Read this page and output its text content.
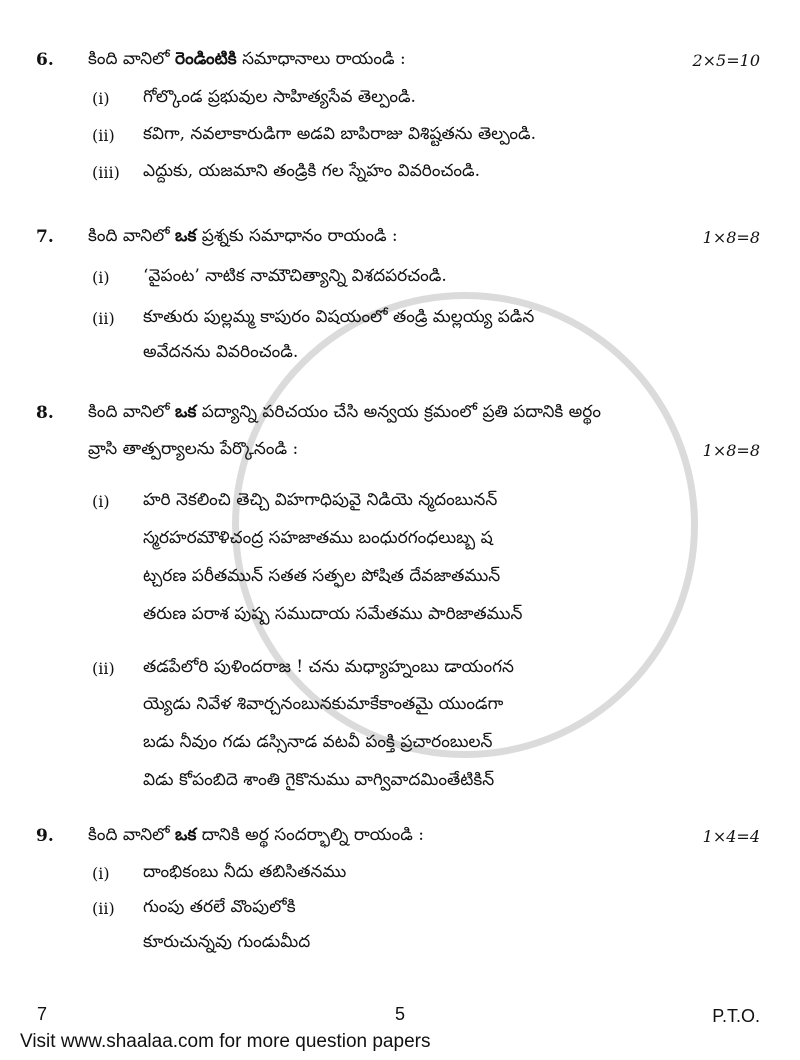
6. కింది వానిలో రెండింటికి సమాధానాలు రాయండి :	2×5=10
(i) గోల్కొండ ప్రభువుల సాహిత్యసేవ తెల్పండి.
(ii) కవిగా, నవలాకారుడిగా అడవి బాపిరాజు విశిష్టతను తెల్పండి.
(iii) ఎద్దుకు, యజమాని తండ్రికి గల స్నేహం వివరించండి.
7. కింది వానిలో ఒక ప్రశ్నకు సమాధానం రాయండి :	1×8=8
(i) ‘వైపంట’ నాటిక నామౌచిత్యాన్ని విశదపరచండి.
(ii) కూతురు పుల్లమ్మ కాపురం విషయంలో తండ్రి మల్లయ్య పడిన
అవేదనను వివరించండి.
8. కింది వానిలో ఒక పద్యాన్ని పరిచయం చేసి అన్వయ క్రమంలో ప్రతి పదానికి అర్థం
వ్రాసి తాత్పర్యాలను పేర్కొనండి :	1×8=8
(i) హరి నెకలించి తెచ్చి విహగాధిపువై నిడియె న్మదంబునన్
స్మరహరమౌళిచంద్ర సహజాతము బంధురగంధలుబ్బ ష
ట్చరణ పరీతమున్ సతత సత్ఫల పోషిత దేవజాతమున్
తరుణ పరాశ పుష్ప సముదాయ సమేతము పారిజాతమున్
(ii) తడపేలోరి పుళిందరాజ ! చను మధ్యాహ్నంబు డాయంగన
య్యెడు నివేళ శివార్చనంబునకుమాకేకాంతమై యుండగా
బడు నీవుం గడు డస్సినాడ వటవీ పంక్తి ప్రచారంబులన్
విడు కోపంబిదె శాంతి గైకొనుము వాగ్వివాదమింతేటికిన్
9. కింది వానిలో ఒక దానికి అర్థ సందర్భాల్ని రాయండి :	1×4=4
(i) దాంభికంబు నీదు తబిసితనము
(ii) గుంపు తరలే వొంపులోకి
కూరుచున్నవు గుండుమీద
7	5	P.T.O.
Visit www.shaalaa.com for more question papers
